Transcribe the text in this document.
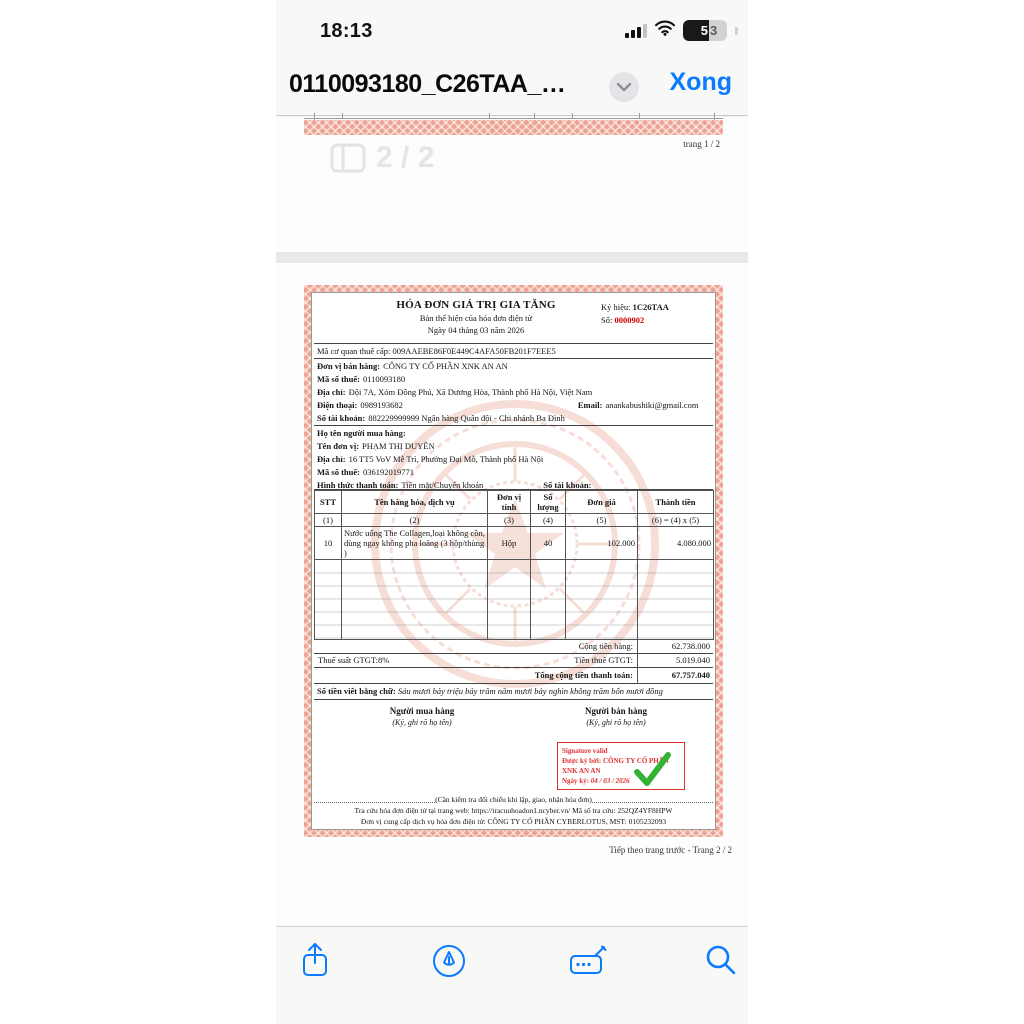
18:13	5 3
0110093180_C26TAA_…	Xong
trang 1 / 2
2 / 2
HÓA ĐƠN GIÁ TRỊ GIA TĂNG
Bản thể hiện của hóa đơn điện tử
Ngày 04 tháng 03 năm 2026
Ký hiệu: 1C26TAA
Số: 0000902
Mã cơ quan thuế cấp: 009AAEBE86F0E449C4AFA50FB201F7EEE5
Đơn vị bán hàng: CÔNG TY CỔ PHẦN XNK AN AN
Mã số thuế: 0110093180
Địa chỉ: Đội 7A, Xóm Đồng Phú, Xã Dương Hòa, Thành phố Hà Nội, Việt Nam
Điện thoại: 0989193682	Email: anankabushiki@gmail.com
Số tài khoản: 882229999999 Ngân hàng Quân đội - Chi nhánh Ba Đình
Họ tên người mua hàng:
Tên đơn vị: PHẠM THỊ DUYÊN
Địa chỉ: 16 TT5 VoV Mễ Trì, Phường Đại Mỗ, Thành phố Hà Nội
Mã số thuế: 036192019771
Hình thức thanh toán: Tiền mặt/Chuyển khoản	Số tài khoản:
STT	Tên hàng hóa, dịch vụ	Đơn vị tính	Số lượng	Đơn giá	Thành tiền
(1)	(2)	(3)	(4)	(5)	(6) = (4) x (5)
10	Nước uống The Collagen,loại không cồn, dùng ngay không pha loãng (3 hộp/thùng )	Hộp	40	102.000	4.080.000

Cộng tiền hàng:	62.738.000
Thuế suất GTGT:8%	Tiền thuế GTGT:	5.019.040
Tổng cộng tiền thanh toán:	67.757.040
Số tiền viết bằng chữ: Sáu mươi bảy triệu bảy trăm năm mươi bảy nghìn không trăm bốn mươi đồng
Người mua hàng
(Ký, ghi rõ họ tên)
Người bán hàng
(Ký, ghi rõ họ tên)
Signature valid
Được ký bởi: CÔNG TY CỔ PHẦN XNK AN AN
Ngày ký: 04 / 03 / 2026
(Cần kiểm tra đối chiếu khi lập, giao, nhận hóa đơn)
Tra cứu hóa đơn điện tử tại trang web: https://tracuuhoadon1.ncyber.vn/ Mã số tra cứu: 252QZ4YF8HPW
Đơn vị cung cấp dịch vụ hóa đơn điện tử: CÔNG TY CỔ PHẦN CYBERLOTUS, MST: 0105232093
Tiếp theo trang trước - Trang 2 / 2
